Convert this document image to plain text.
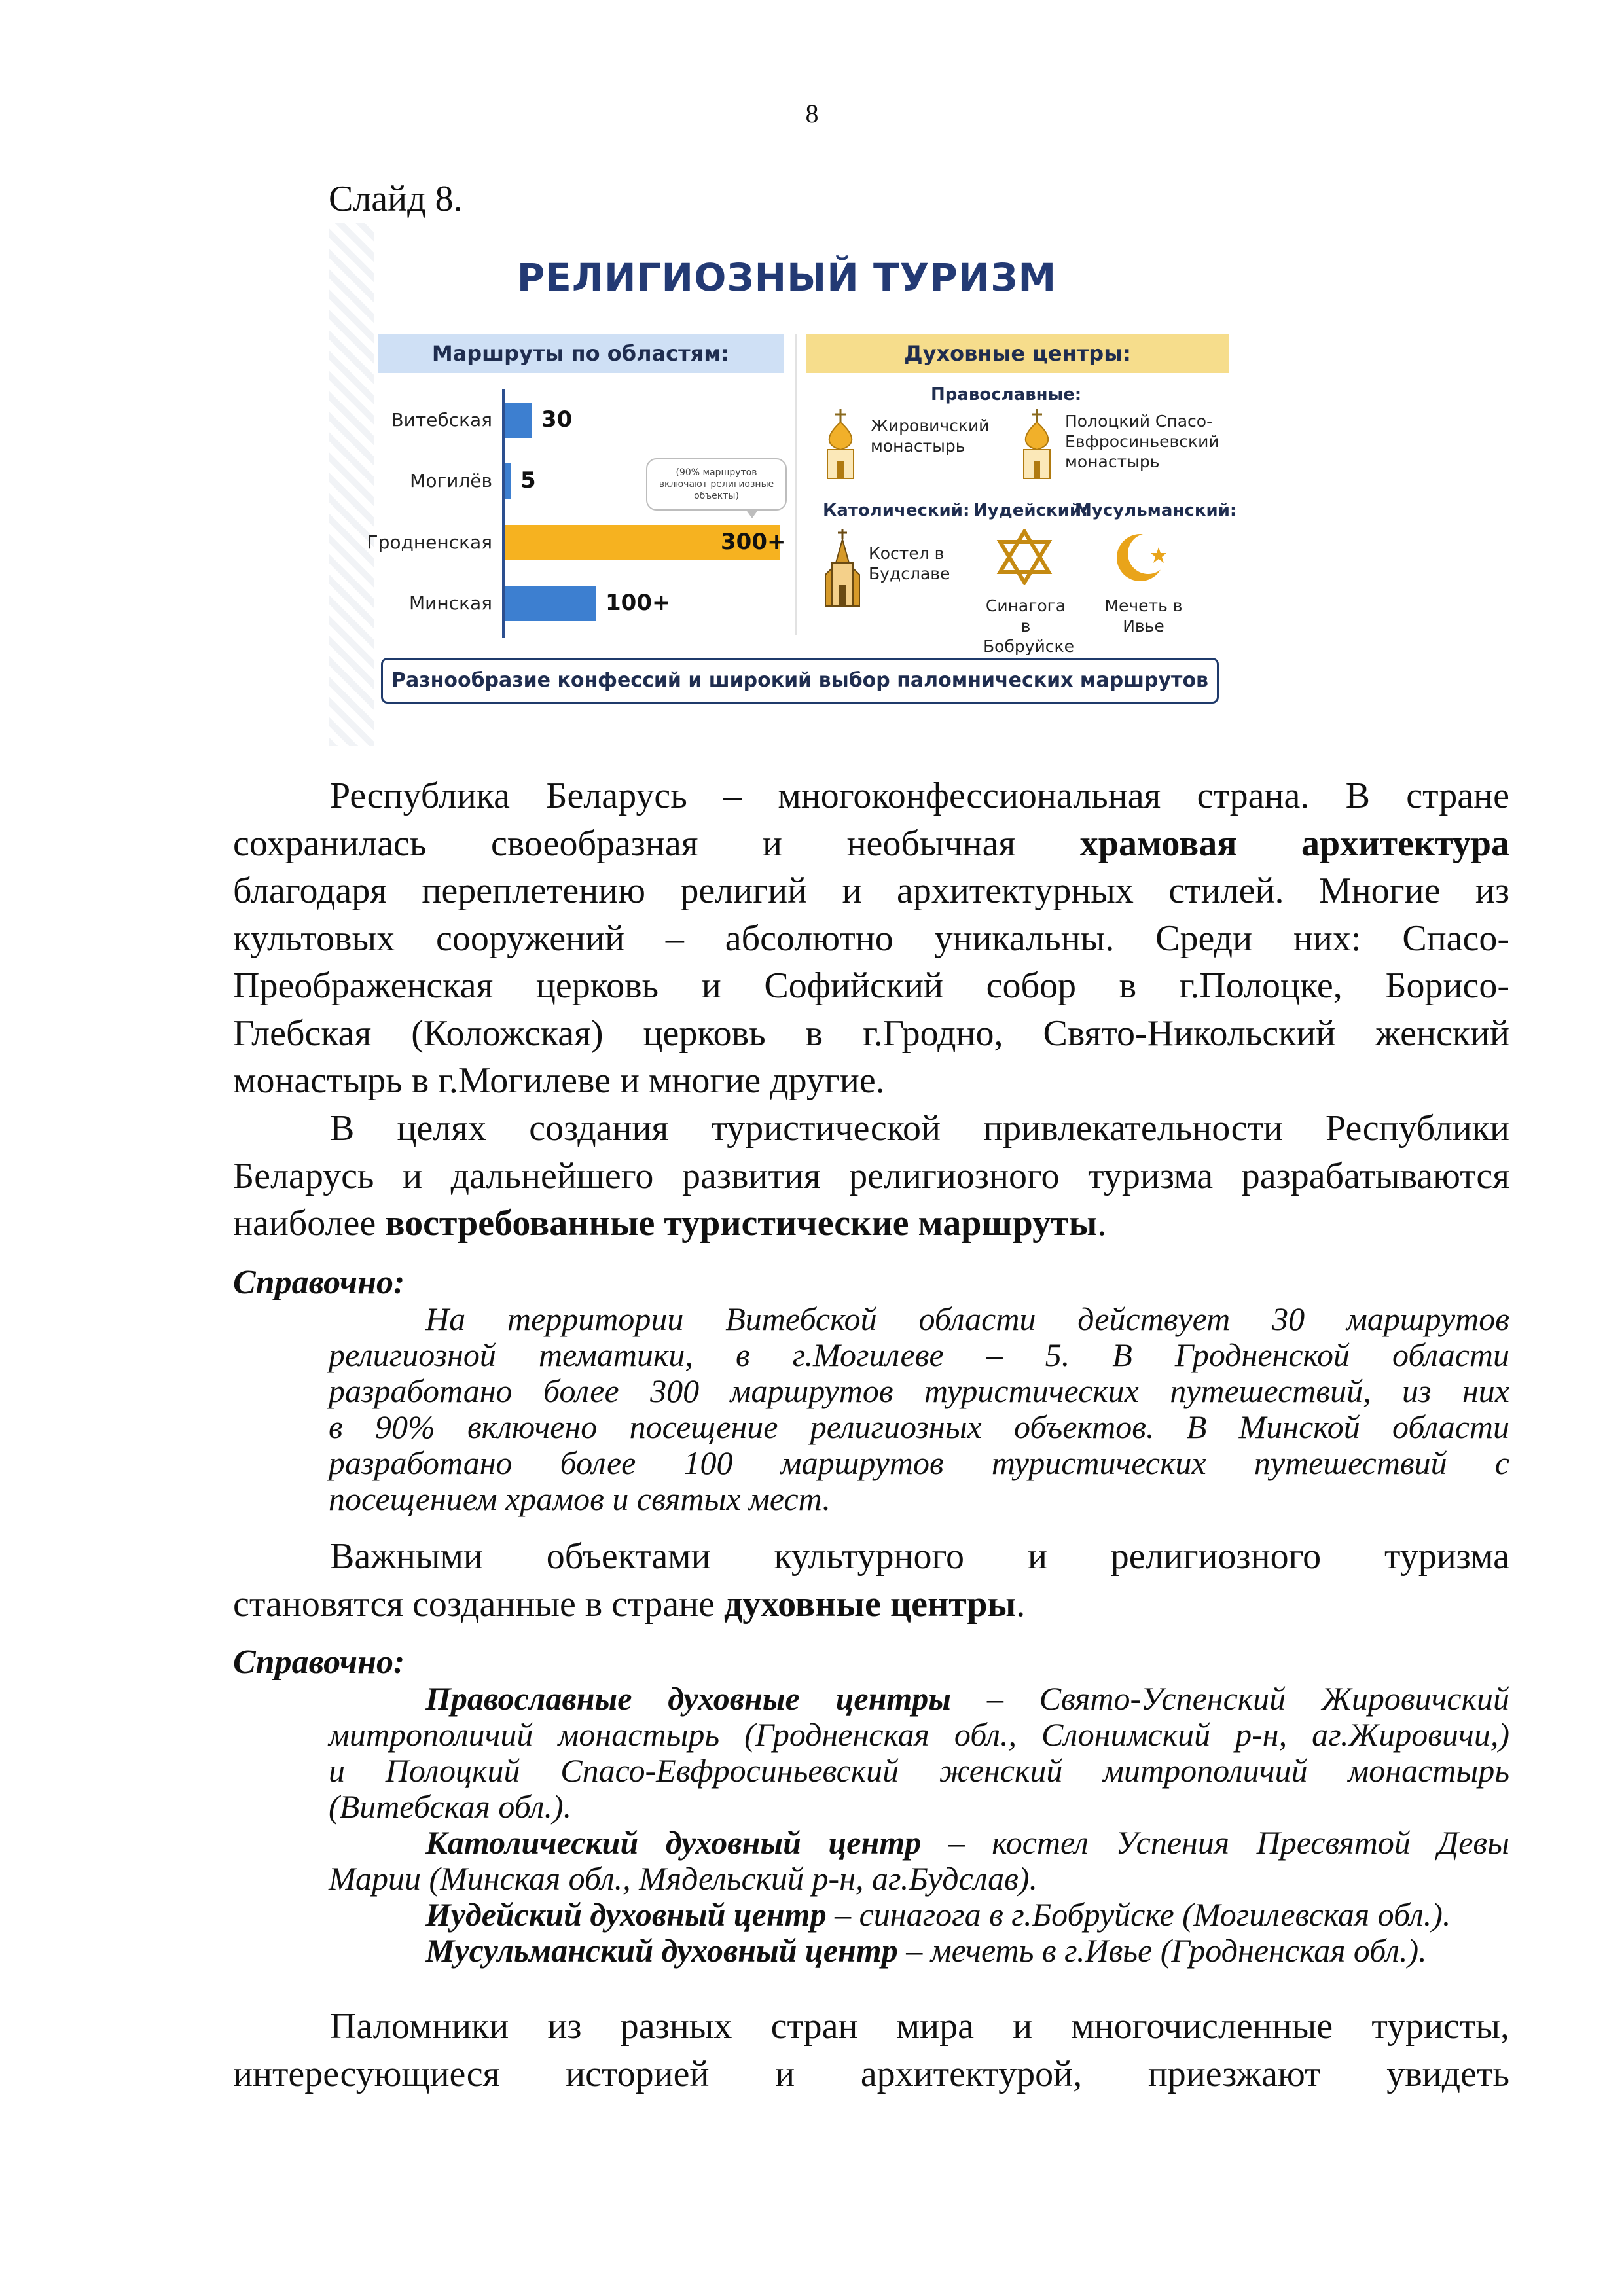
8
Слайд 8.
РЕЛИГИОЗНЫЙ ТУРИЗМ
Маршруты по областям:	Духовные центры:
Витебская 30
Могилёв 5
Гродненская	300+
Минская	100+
(90% маршрутов включают религиозные объекты)
Православные:
Жировичский монастырь
Полоцкий Спасо-Евфросиньевский монастырь
Католический: Иудейский:
Мусульманский:
Костел в Будславе
Синагога в Бобруйске
Мечеть в Ивье
Разнообразие конфессий и широкий выбор паломнических маршрутов
Республика Беларусь – многоконфессиональная страна. В стране
сохранилась своеобразная и необычная храмовая архитектура
благодаря переплетению религий и архитектурных стилей. Многие из
культовых сооружений – абсолютно уникальны. Среди них: Спасо-
Преображенская церковь и Софийский собор в г.Полоцке, Борисо-
Глебская (Коложская) церковь в г.Гродно, Свято-Никольский женский
монастырь в г.Могилеве и многие другие.
В целях создания туристической привлекательности Республики
Беларусь и дальнейшего развития религиозного туризма разрабатываются
наиболее востребованные туристические маршруты.
Справочно:
На территории Витебской области действует 30 маршрутов
религиозной тематики, в г.Могилеве – 5. В Гродненской области
разработано более 300 маршрутов туристических путешествий, из них
в 90% включено посещение религиозных объектов. В Минской области
разработано более 100 маршрутов туристических путешествий с
посещением храмов и святых мест.
Важными объектами культурного и религиозного туризма
становятся созданные в стране духовные центры.
Справочно:
Православные духовные центры – Свято-Успенский Жировичский
митрополичий монастырь (Гродненская обл., Слонимский р-н, аг.Жировичи,)
и Полоцкий Спасо-Евфросиньевский женский митрополичий монастырь
(Витебская обл.).
Католический духовный центр – костел Успения Пресвятой Девы
Марии (Минская обл., Мядельский р-н, аг.Будслав).
Иудейский духовный центр – синагога в г.Бобруйске (Могилевская обл.).
Мусульманский духовный центр – мечеть в г.Ивье (Гродненская обл.).
Паломники из разных стран мира и многочисленные туристы,
интересующиеся историей и архитектурой, приезжают увидеть
